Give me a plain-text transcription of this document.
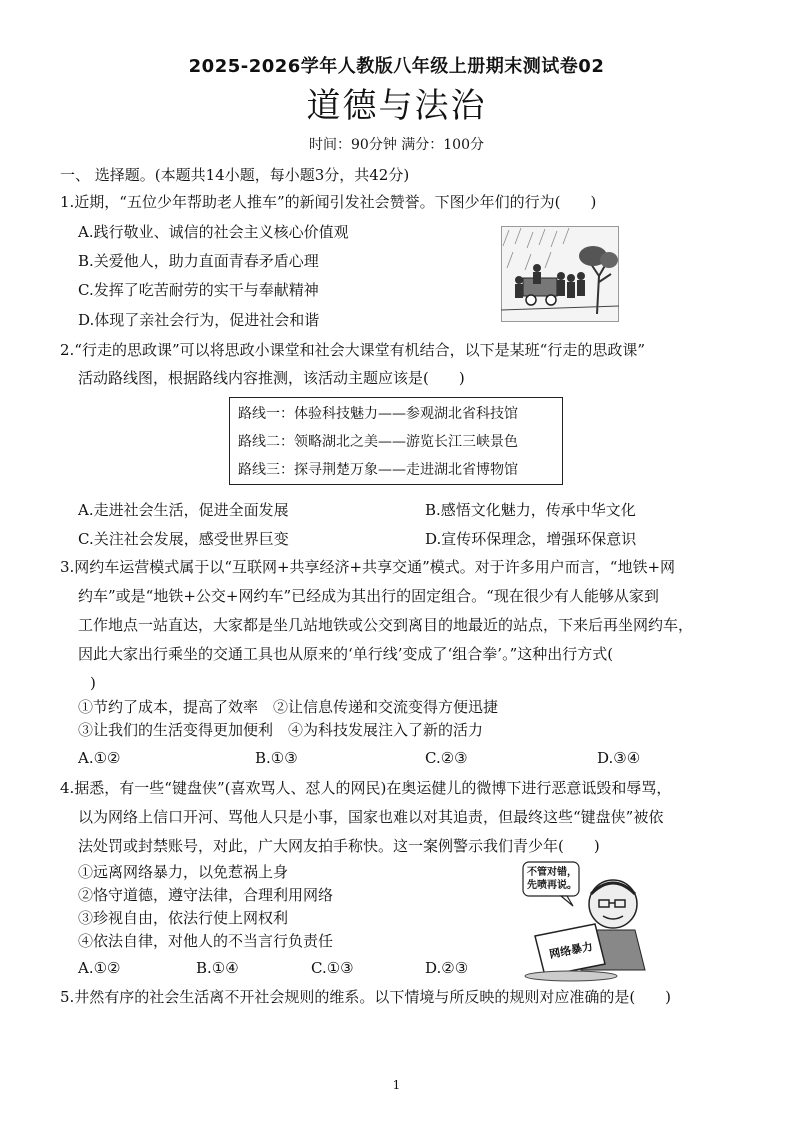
2025-2026学年人教版八年级上册期末测试卷02
道德与法治
时间：90分钟 满分：100分
一、 选择题。(本题共14小题，每小题3分，共42分)
1.近期，“五位少年帮助老人推车”的新闻引发社会赞誉。下图少年们的行为(　　)
A.践行敬业、诚信的社会主义核心价值观
B.关爱他人，助力直面青春矛盾心理
C.发挥了吃苦耐劳的实干与奉献精神
D.体现了亲社会行为，促进社会和谐
2.“行走的思政课”可以将思政小课堂和社会大课堂有机结合，以下是某班“行走的思政课”
活动路线图，根据路线内容推测，该活动主题应该是(　　)
路线一：体验科技魅力——参观湖北省科技馆
路线二：领略湖北之美——游览长江三峡景色
路线三：探寻荆楚万象——走进湖北省博物馆
A.走进社会生活，促进全面发展	B.感悟文化魅力，传承中华文化
C.关注社会发展，感受世界巨变	D.宣传环保理念，增强环保意识
3.网约车运营模式属于以“互联网+共享经济+共享交通”模式。对于许多用户而言，“地铁+网
约车”或是“地铁+公交+网约车”已经成为其出行的固定组合。“现在很少有人能够从家到
工作地点一站直达，大家都是坐几站地铁或公交到离目的地最近的站点，下来后再坐网约车，
因此大家出行乘坐的交通工具也从原来的‘单行线’变成了‘组合拳’。”这种出行方式(
)
①节约了成本，提高了效率　②让信息传递和交流变得方便迅捷
③让我们的生活变得更加便利　④为科技发展注入了新的活力
A.①②	B.①③	C.②③	D.③④
4.据悉，有一些“键盘侠”(喜欢骂人、怼人的网民)在奥运健儿的微博下进行恶意诋毁和辱骂，
以为网络上信口开河、骂他人只是小事，国家也难以对其追责，但最终这些“键盘侠”被依
法处罚或封禁账号，对此，广大网友拍手称快。这一案例警示我们青少年(　　)
①远离网络暴力，以免惹祸上身
②恪守道德，遵守法律，合理利用网络
③珍视自由，依法行使上网权利
④依法自律，对他人的不当言行负责任
A.①②	B.①④	C.①③	D.②③
不管对错，
先喷再说。
网络暴力
5.井然有序的社会生活离不开社会规则的维系。以下情境与所反映的规则对应准确的是(　　)
1
